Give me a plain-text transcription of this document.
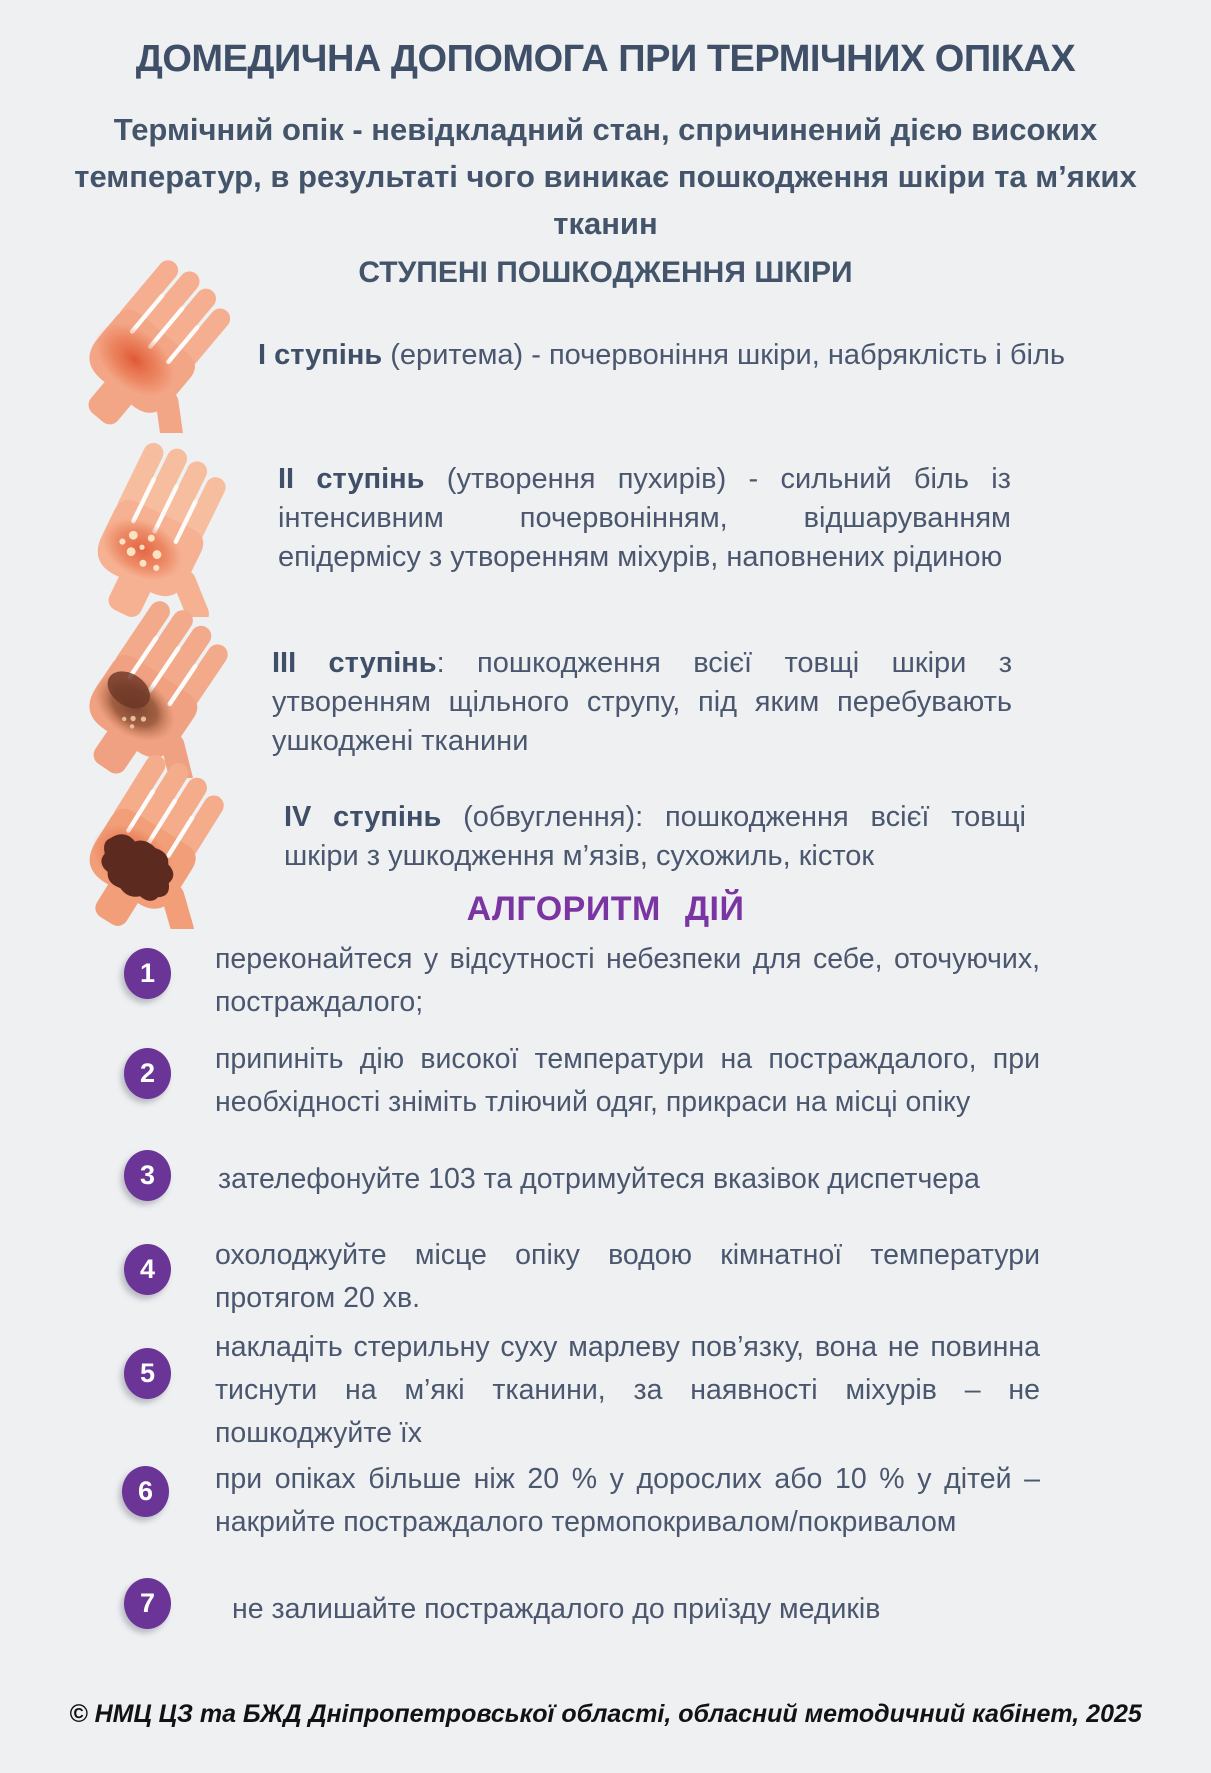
ДОМЕДИЧНА ДОПОМОГА ПРИ ТЕРМІЧНИХ ОПІКАХ
Термічний опік - невідкладний стан, спричинений дією високих температур, в результаті чого виникає пошкодження шкіри та м’яких тканин
СТУПЕНІ ПОШКОДЖЕННЯ ШКІРИ
І ступінь (еритема) - почервоніння шкіри, набряклість і біль
ІІ ступінь (утворення пухирів) - сильний біль із інтенсивним почервонінням, відшаруванням епідермісу з утворенням міхурів, наповнених рідиною
ІІІ ступінь: пошкодження всієї товщі шкіри з утворенням щільного струпу, під яким перебувають ушкоджені тканини
IV ступінь (обвуглення): пошкодження всієї товщі шкіри з ушкодження м’язів, сухожиль, кісток
АЛГОРИТМ ДІЙ
1	переконайтеся у відсутності небезпеки для себе, оточуючих, постраждалого;
2	припиніть дію високої температури на постраждалого, при необхідності зніміть тліючий одяг, прикраси на місці опіку
3	зателефонуйте 103 та дотримуйтеся вказівок диспетчера
4	охолоджуйте місце опіку водою кімнатної температури протягом 20 хв.
5
накладіть стерильну суху марлеву пов’язку, вона не повинна тиснути на м’які тканини, за наявності міхурів – не пошкоджуйте їх
6	при опіках більше ніж 20 % у дорослих або 10 % у дітей – накрийте постраждалого термопокривалом/покривалом
7	не залишайте постраждалого до приїзду медиків
© НМЦ ЦЗ та БЖД Дніпропетровської області, обласний методичний кабінет, 2025
